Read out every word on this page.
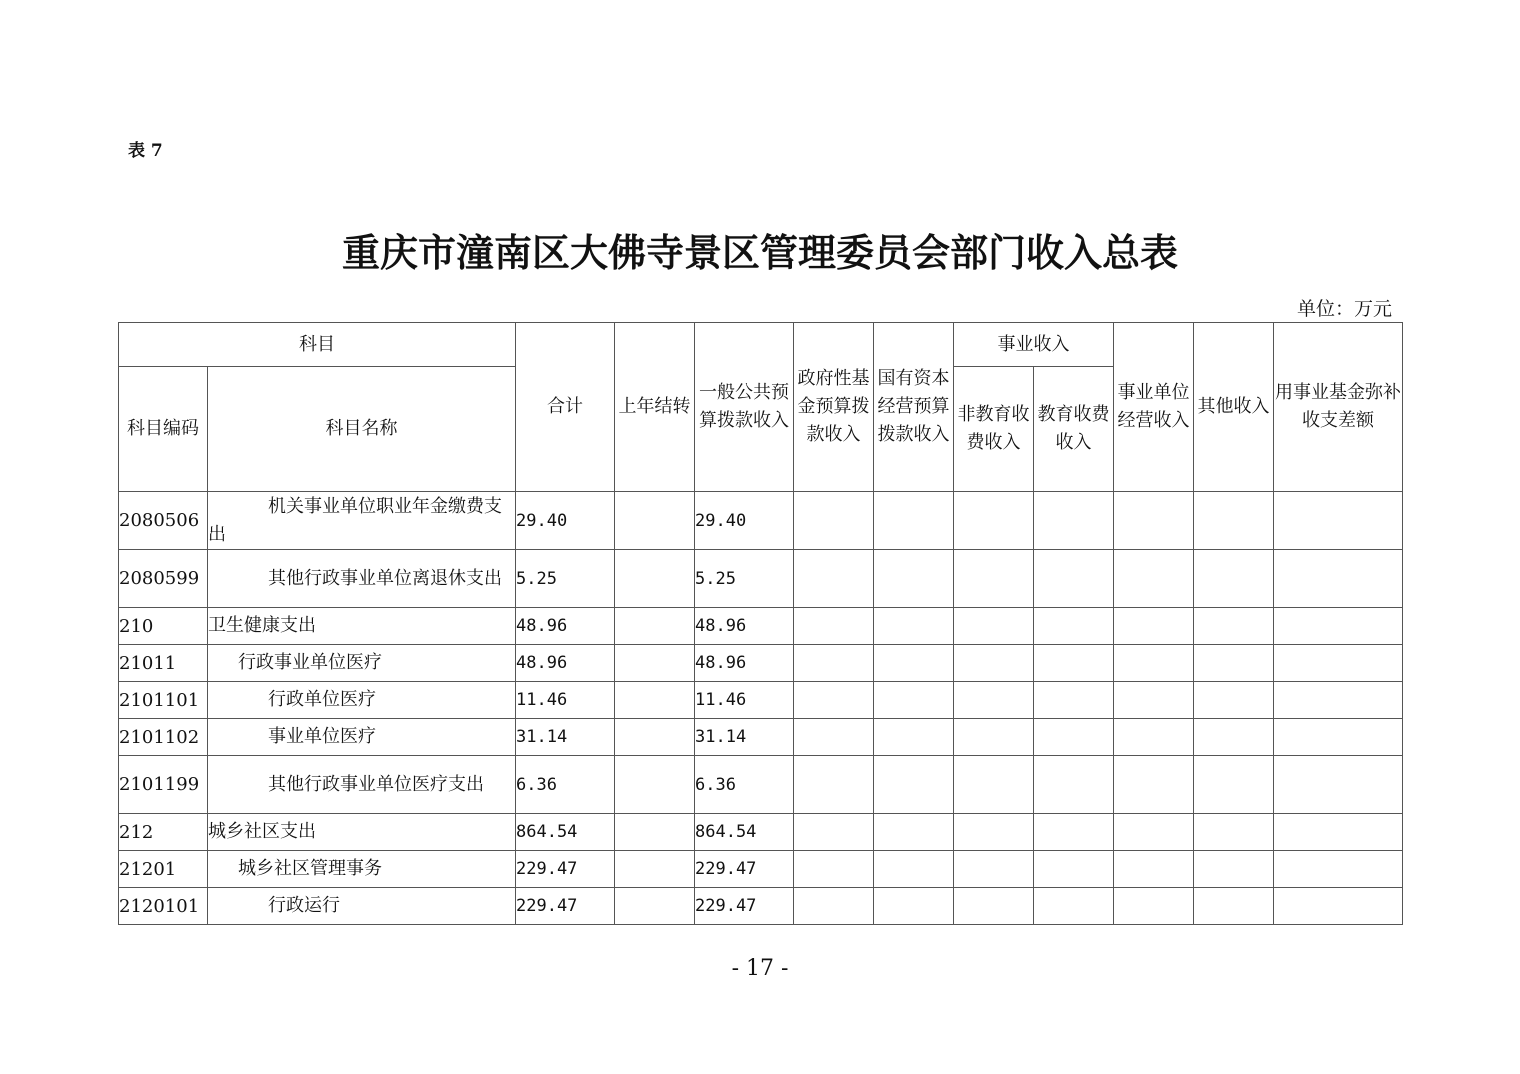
表 7
重庆市潼南区大佛寺景区管理委员会部门收入总表
单位：万元
科目		合计	上年结转	一般公共预算拨款收入	政府性基金预算拨款收入	国有资本经营预算拨款收入	事业收入		事业单位经营收入	其他收入	用事业基金弥补收支差额
科目编码	科目名称						非教育收费收入	教育收费收入			
2080506	机关事业单位职业年金缴费支出	29.40		29.40							
2080599	其他行政事业单位离退休支出	5.25		5.25							
210	卫生健康支出	48.96		48.96							
21011	行政事业单位医疗	48.96		48.96							
2101101	行政单位医疗	11.46		11.46							
2101102	事业单位医疗	31.14		31.14							
2101199	其他行政事业单位医疗支出	6.36		6.36							
212	城乡社区支出	864.54		864.54							
21201	城乡社区管理事务	229.47		229.47							
2120101	行政运行	229.47		229.47							
- 17 -
